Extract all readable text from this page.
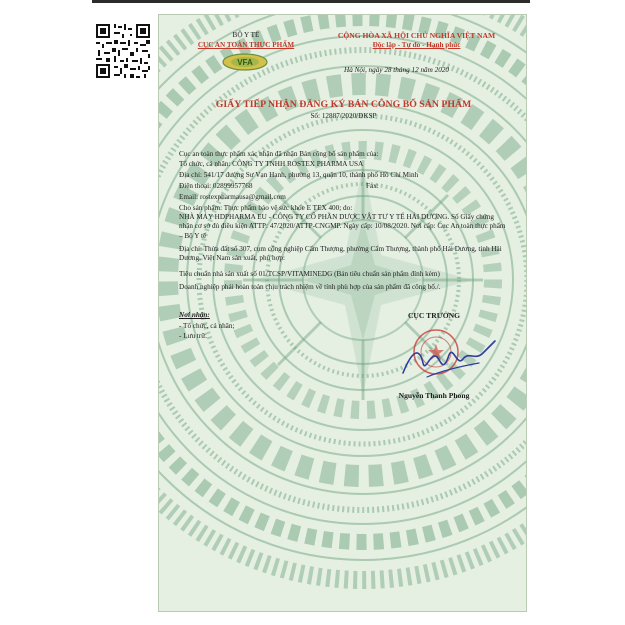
BỘ Y TẾ
CỤC AN TOÀN THỰC PHẨM
VFA
CỘNG HÒA XÃ HỘI CHỦ NGHĨA VIỆT NAM
Độc lập - Tự do - Hạnh phúc
Hà Nội, ngày 28 tháng 12 năm 2020
GIẤY TIẾP NHẬN ĐĂNG KÝ BẢN CÔNG BỐ SẢN PHẨM
Số: 12887/2020/ĐKSP
Cục an toàn thực phẩm xác nhận đã nhận Bản công bố sản phẩm của:
Tổ chức, cá nhân: CÔNG TY TNHH ROSTEX PHARMA USA
Địa chỉ: 541/17 đường Sư Vạn Hạnh, phường 13, quận 10, thành phố Hồ Chí Minh
Điện thoại: 02899957768	Fax:
Email: rostexpharmausa@gmail.com
Cho sản phẩm: Thực phẩm bảo vệ sức khỏe E TEX 400; do:
NHÀ MÁY HDPHARMA EU - CÔNG TY CỔ PHẦN DƯỢC VẬT TƯ Y TẾ HẢI DƯƠNG. Số Giấy chứng nhận cơ sở đủ điều kiện ATTP: 47/2020/ATTP-CNGMP. Ngày cấp: 10/08/2020. Nơi cấp: Cục An toàn thực phẩm – Bộ Y tế
Địa chỉ: Thửa đất số 307, cụm công nghiệp Cẩm Thượng, phường Cẩm Thượng, thành phố Hải Dương, tỉnh Hải Dương, Việt Nam sản xuất, phù hợp:
Tiêu chuẩn nhà sản xuất số 01/TCSP/VITAMINEDG (Bản tiêu chuẩn sản phẩm đính kèm)
Doanh nghiệp phải hoàn toàn chịu trách nhiệm về tính phù hợp của sản phẩm đã công bố./.
Nơi nhận:
- Tổ chức, cá nhân;
- Lưu trữ.
CỤC TRƯỞNG
Nguyễn Thanh Phong
